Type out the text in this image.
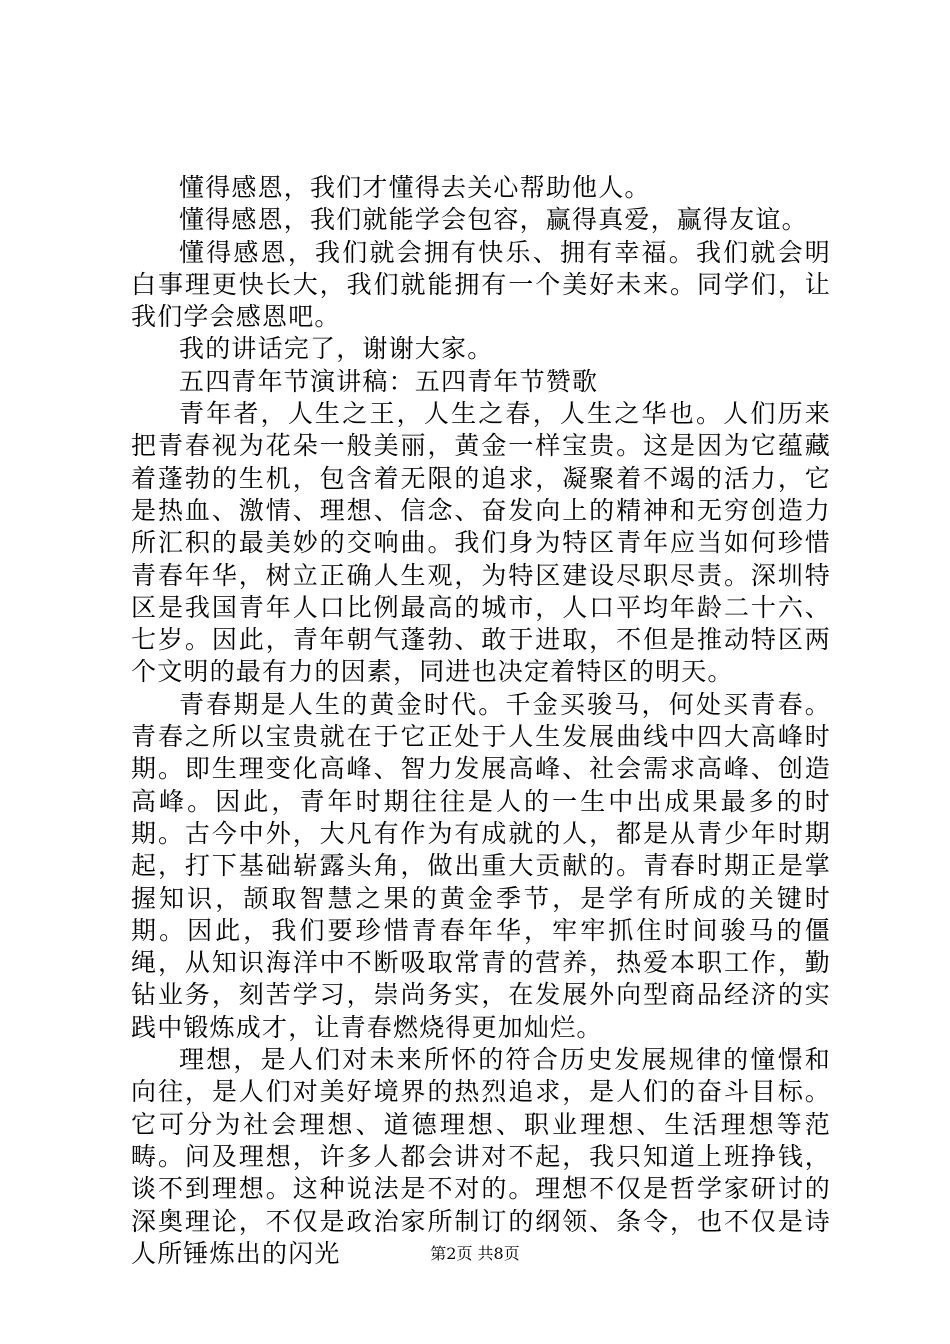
懂得感恩，我们才懂得去关心帮助他人。

懂得感恩，我们就能学会包容，赢得真爱，赢得友谊。

懂得感恩，我们就会拥有快乐、拥有幸福。我们就会明白事理更快长大，我们就能拥有一个美好未来。同学们，让我们学会感恩吧。

我的讲话完了，谢谢大家。

五四青年节演讲稿：五四青年节赞歌

青年者，人生之王，人生之春，人生之华也。人们历来把青春视为花朵一般美丽，黄金一样宝贵。这是因为它蕴藏着蓬勃的生机，包含着无限的追求，凝聚着不竭的活力，它是热血、激情、理想、信念、奋发向上的精神和无穷创造力所汇积的最美妙的交响曲。我们身为特区青年应当如何珍惜青春年华，树立正确人生观，为特区建设尽职尽责。深圳特区是我国青年人口比例最高的城市，人口平均年龄二十六、七岁。因此，青年朝气蓬勃、敢于进取，不但是推动特区两个文明的最有力的因素，同进也决定着特区的明天。

青春期是人生的黄金时代。千金买骏马，何处买青春。青春之所以宝贵就在于它正处于人生发展曲线中四大高峰时期。即生理变化高峰、智力发展高峰、社会需求高峰、创造高峰。因此，青年时期往往是人的一生中出成果最多的时期。古今中外，大凡有作为有成就的人，都是从青少年时期起，打下基础崭露头角，做出重大贡献的。青春时期正是掌握知识，颉取智慧之果的黄金季节，是学有所成的关键时期。因此，我们要珍惜青春年华，牢牢抓住时间骏马的僵绳，从知识海洋中不断吸取常青的营养，热爱本职工作，勤钻业务，刻苦学习，崇尚务实，在发展外向型商品经济的实践中锻炼成才，让青春燃烧得更加灿烂。

理想，是人们对未来所怀的符合历史发展规律的憧憬和向往，是人们对美好境界的热烈追求，是人们的奋斗目标。它可分为社会理想、道德理想、职业理想、生活理想等范畴。问及理想，许多人都会讲对不起，我只知道上班挣钱，谈不到理想。这种说法是不对的。理想不仅是哲学家研讨的深奥理论，不仅是政治家所制订的纲领、条令，也不仅是诗人所锤炼出的闪光	第2页 共8页
